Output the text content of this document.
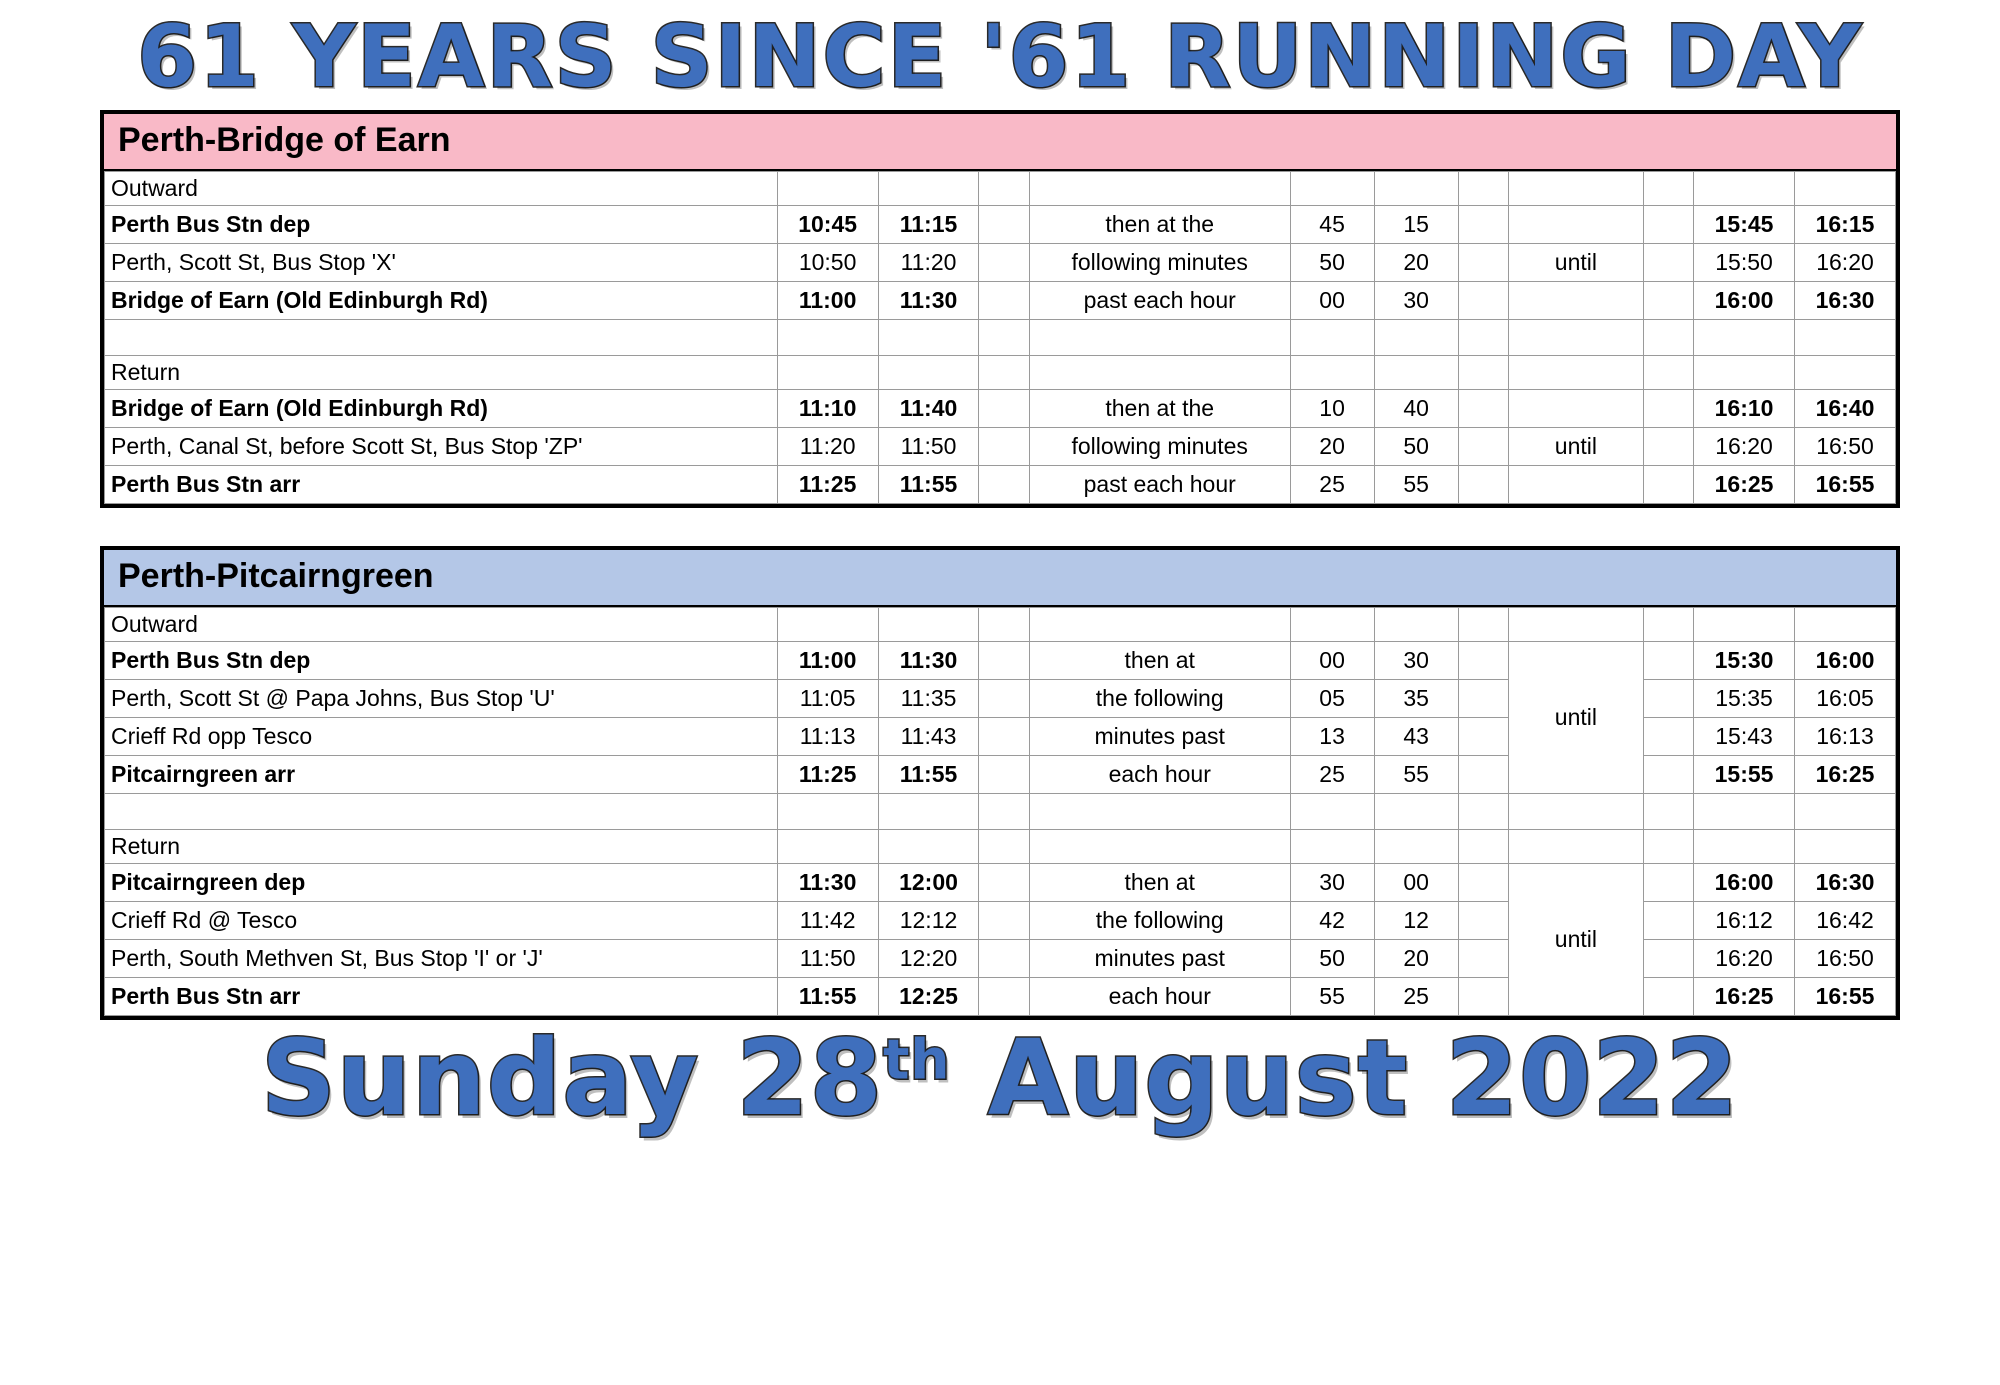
61 YEARS SINCE '61 RUNNING DAY
Perth-Bridge of Earn
Outward											
Perth Bus Stn dep	10:45	11:15		then at the	45	15				15:45	16:15
Perth, Scott St, Bus Stop 'X'	10:50	11:20		following minutes	50	20		until		15:50	16:20
Bridge of Earn (Old Edinburgh Rd)	11:00	11:30		past each hour	00	30				16:00	16:30

Return											
Bridge of Earn (Old Edinburgh Rd)	11:10	11:40		then at the	10	40				16:10	16:40
Perth, Canal St, before Scott St, Bus Stop 'ZP'	11:20	11:50		following minutes	20	50		until		16:20	16:50
Perth Bus Stn arr	11:25	11:55		past each hour	25	55				16:25	16:55
Perth-Pitcairngreen
Outward											
Perth Bus Stn dep	11:00	11:30		then at	00	30		until		15:30	16:00
Perth, Scott St @ Papa Johns, Bus Stop 'U'	11:05	11:35		the following	05	35				15:35	16:05
Crieff Rd opp Tesco	11:13	11:43		minutes past	13	43				15:43	16:13
Pitcairngreen arr	11:25	11:55		each hour	25	55				15:55	16:25

Return											
Pitcairngreen dep	11:30	12:00		then at	30	00		until		16:00	16:30
Crieff Rd @ Tesco	11:42	12:12		the following	42	12				16:12	16:42
Perth, South Methven St, Bus Stop 'I' or 'J'	11:50	12:20		minutes past	50	20				16:20	16:50
Perth Bus Stn arr	11:55	12:25		each hour	55	25				16:25	16:55
Sunday 28th August 2022
